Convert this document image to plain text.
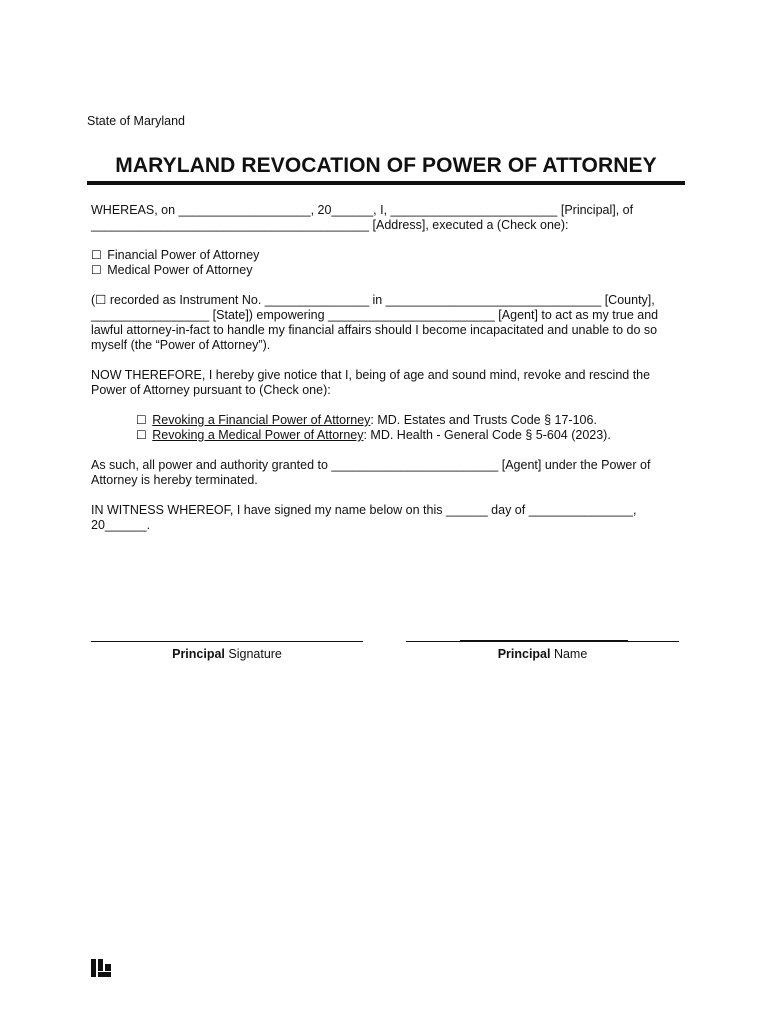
State of Maryland

MARYLAND REVOCATION OF POWER OF ATTORNEY

WHEREAS, on ___________________, 20______, I, ________________________ [Principal], of
________________________________________ [Address], executed a (Check one):

☐ Financial Power of Attorney

☐ Medical Power of Attorney

(☐ recorded as Instrument No. _______________ in _______________________________ [County],
_________________ [State]) empowering ________________________ [Agent] to act as my true and
lawful attorney-in-fact to handle my financial affairs should I become incapacitated and unable to do so
myself (the “Power of Attorney”).

NOW THEREFORE, I hereby give notice that I, being of age and sound mind, revoke and rescind the
Power of Attorney pursuant to (Check one):

☐ Revoking a Financial Power of Attorney: MD. Estates and Trusts Code § 17-106.

☐ Revoking a Medical Power of Attorney: MD. Health - General Code § 5-604 (2023).

As such, all power and authority granted to ________________________ [Agent] under the Power of
Attorney is hereby terminated.

IN WITNESS WHEREOF, I have signed my name below on this ______ day of _______________,
20______.

Principal Signature	Principal Name
